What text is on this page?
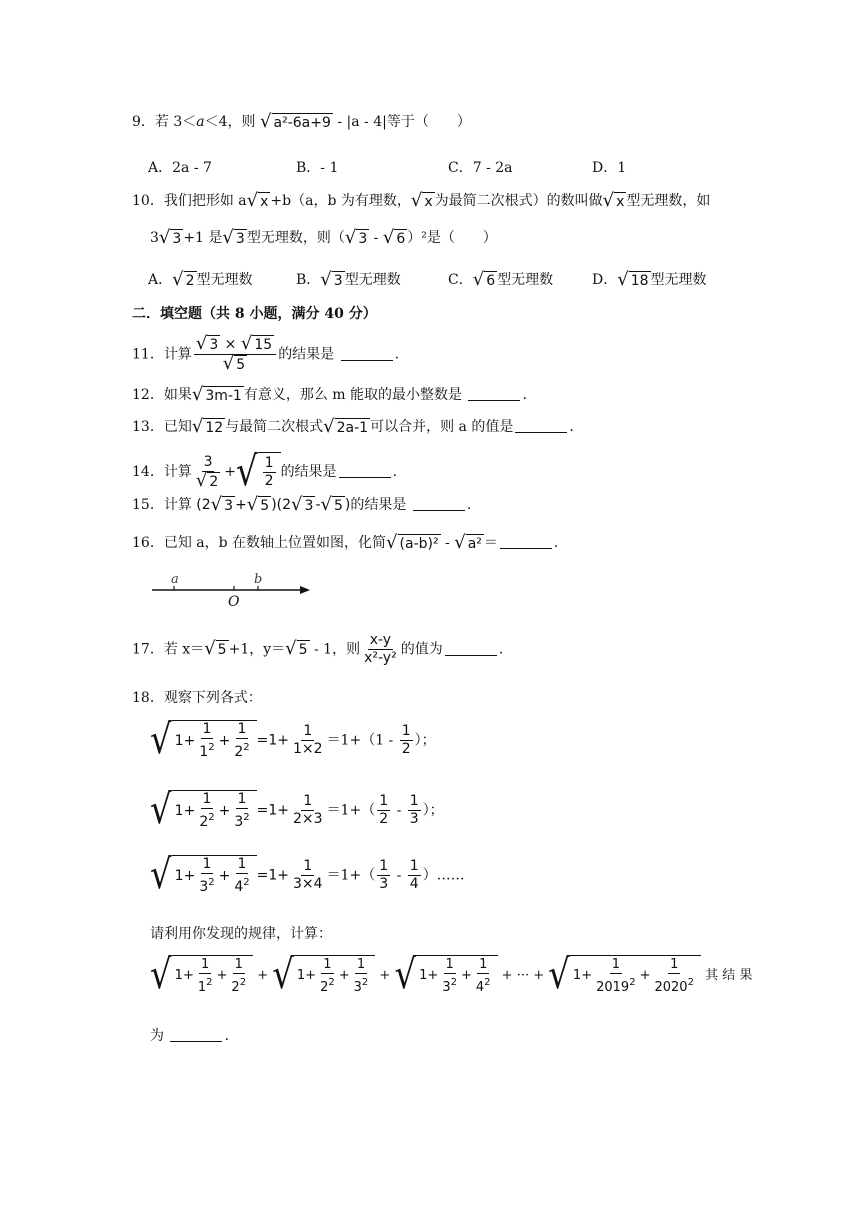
9．若 3＜a＜4，则 √ a²-6a+9 - |a - 4|等于（　　）
A．2a - 7	B．- 1	C．7 - 2a	D．1
10．我们把形如 a √ x +b（a，b 为有理数， √ x 为最简二次根式）的数叫做 √ x 型无理数，如
3 √ 3 +1 是 √ 3 型无理数，则（ √ 3 - √ 6 ）²是（　　）
A． √ 2 型无理数	B． √ 3 型无理数	C． √ 6 型无理数	D． √ 18 型无理数
二．填空题（共 8 小题，满分 40 分）
11．计算 $\frac{√ 3 \times √ 15}{√ 5}$ 的结果是	.
12．如果 √ 3m-1 有意义，那么 m 能取的最小整数是	.
13．已知 √ 12 与最简二次根式 √ 2a-1 可以合并，则 a 的值是	.
14．计算 $\frac{3}{√ 2}$ + √ $\frac{1}{2}$ 的结果是	.
15．计算 (2 √ 3 + √ 5 )(2 √ 3 - √ 5 )的结果是	.
16．已知 a，b 在数轴上位置如图，化简 √ (a-b)² - √ a² ＝	.
a	b
O
17．若 x＝ √ 5 +1，y＝ √ 5 - 1，则 $\frac{x-y}{\text{x²-y²}}$ 的值为	.
18．观察下列各式：
√ $1+ \frac{1}{1^2} + \frac{1}{2^2} =1+ \frac{1}{1\times 2} =1+(1 - \frac{1}{2}$ ）；
√ $1+ \frac{1}{2^2} + \frac{1}{3^2} =1+ \frac{1}{2\times 3} =1+( \frac{1}{2} - \frac{1}{3}$ ）；
√ $1+ \frac{1}{3^2} + \frac{1}{4^2} =1+ \frac{1}{3\times 4} =1+( \frac{1}{3} - \frac{1}{4}$ ）……
请利用你发现的规律，计算：
√ $1+ \frac{1}{1^2} + \frac{1}{2^2}$ + √ $1+ \frac{1}{2^2} + \frac{1}{3^2}$ + √ $1+ \frac{1}{3^2} + \frac{1}{4^2}$ + ··· + √ $1+ \frac{1}{2019^2} + \frac{1}{2020^2}$ 其 结 果
为	.
